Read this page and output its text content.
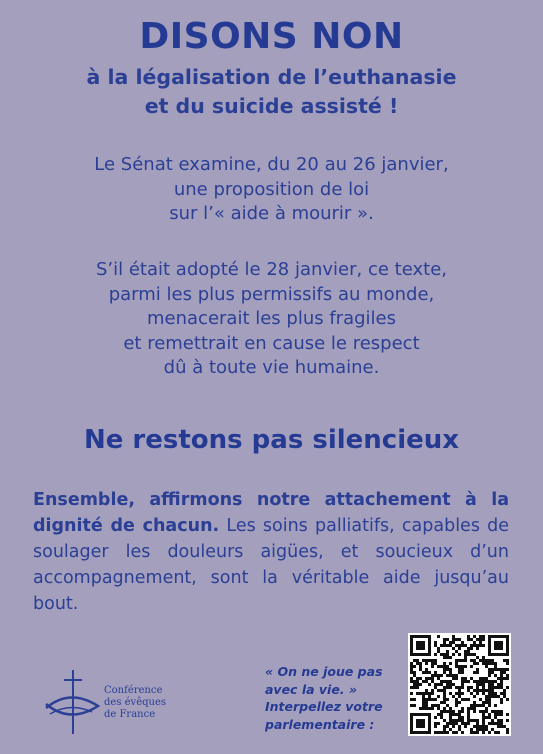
DISONS NON
à la légalisation de l’euthanasie
et du suicide assisté !
Le Sénat examine, du 20 au 26 janvier,
une proposition de loi
sur l’« aide à mourir ».
S’il était adopté le 28 janvier, ce texte,
parmi les plus permissifs au monde,
menacerait les plus fragiles
et remettrait en cause le respect
dû à toute vie humaine.
Ne restons pas silencieux
Ensemble, affirmons notre attachement à la dignité de chacun. Les soins palliatifs, capables de soulager les douleurs aigües, et soucieux d’un accompagnement, sont la véritable aide jusqu’au bout.
Conférence
des évêques
de France
« On ne joue pas
avec la vie. »
Interpellez votre
parlementaire :
